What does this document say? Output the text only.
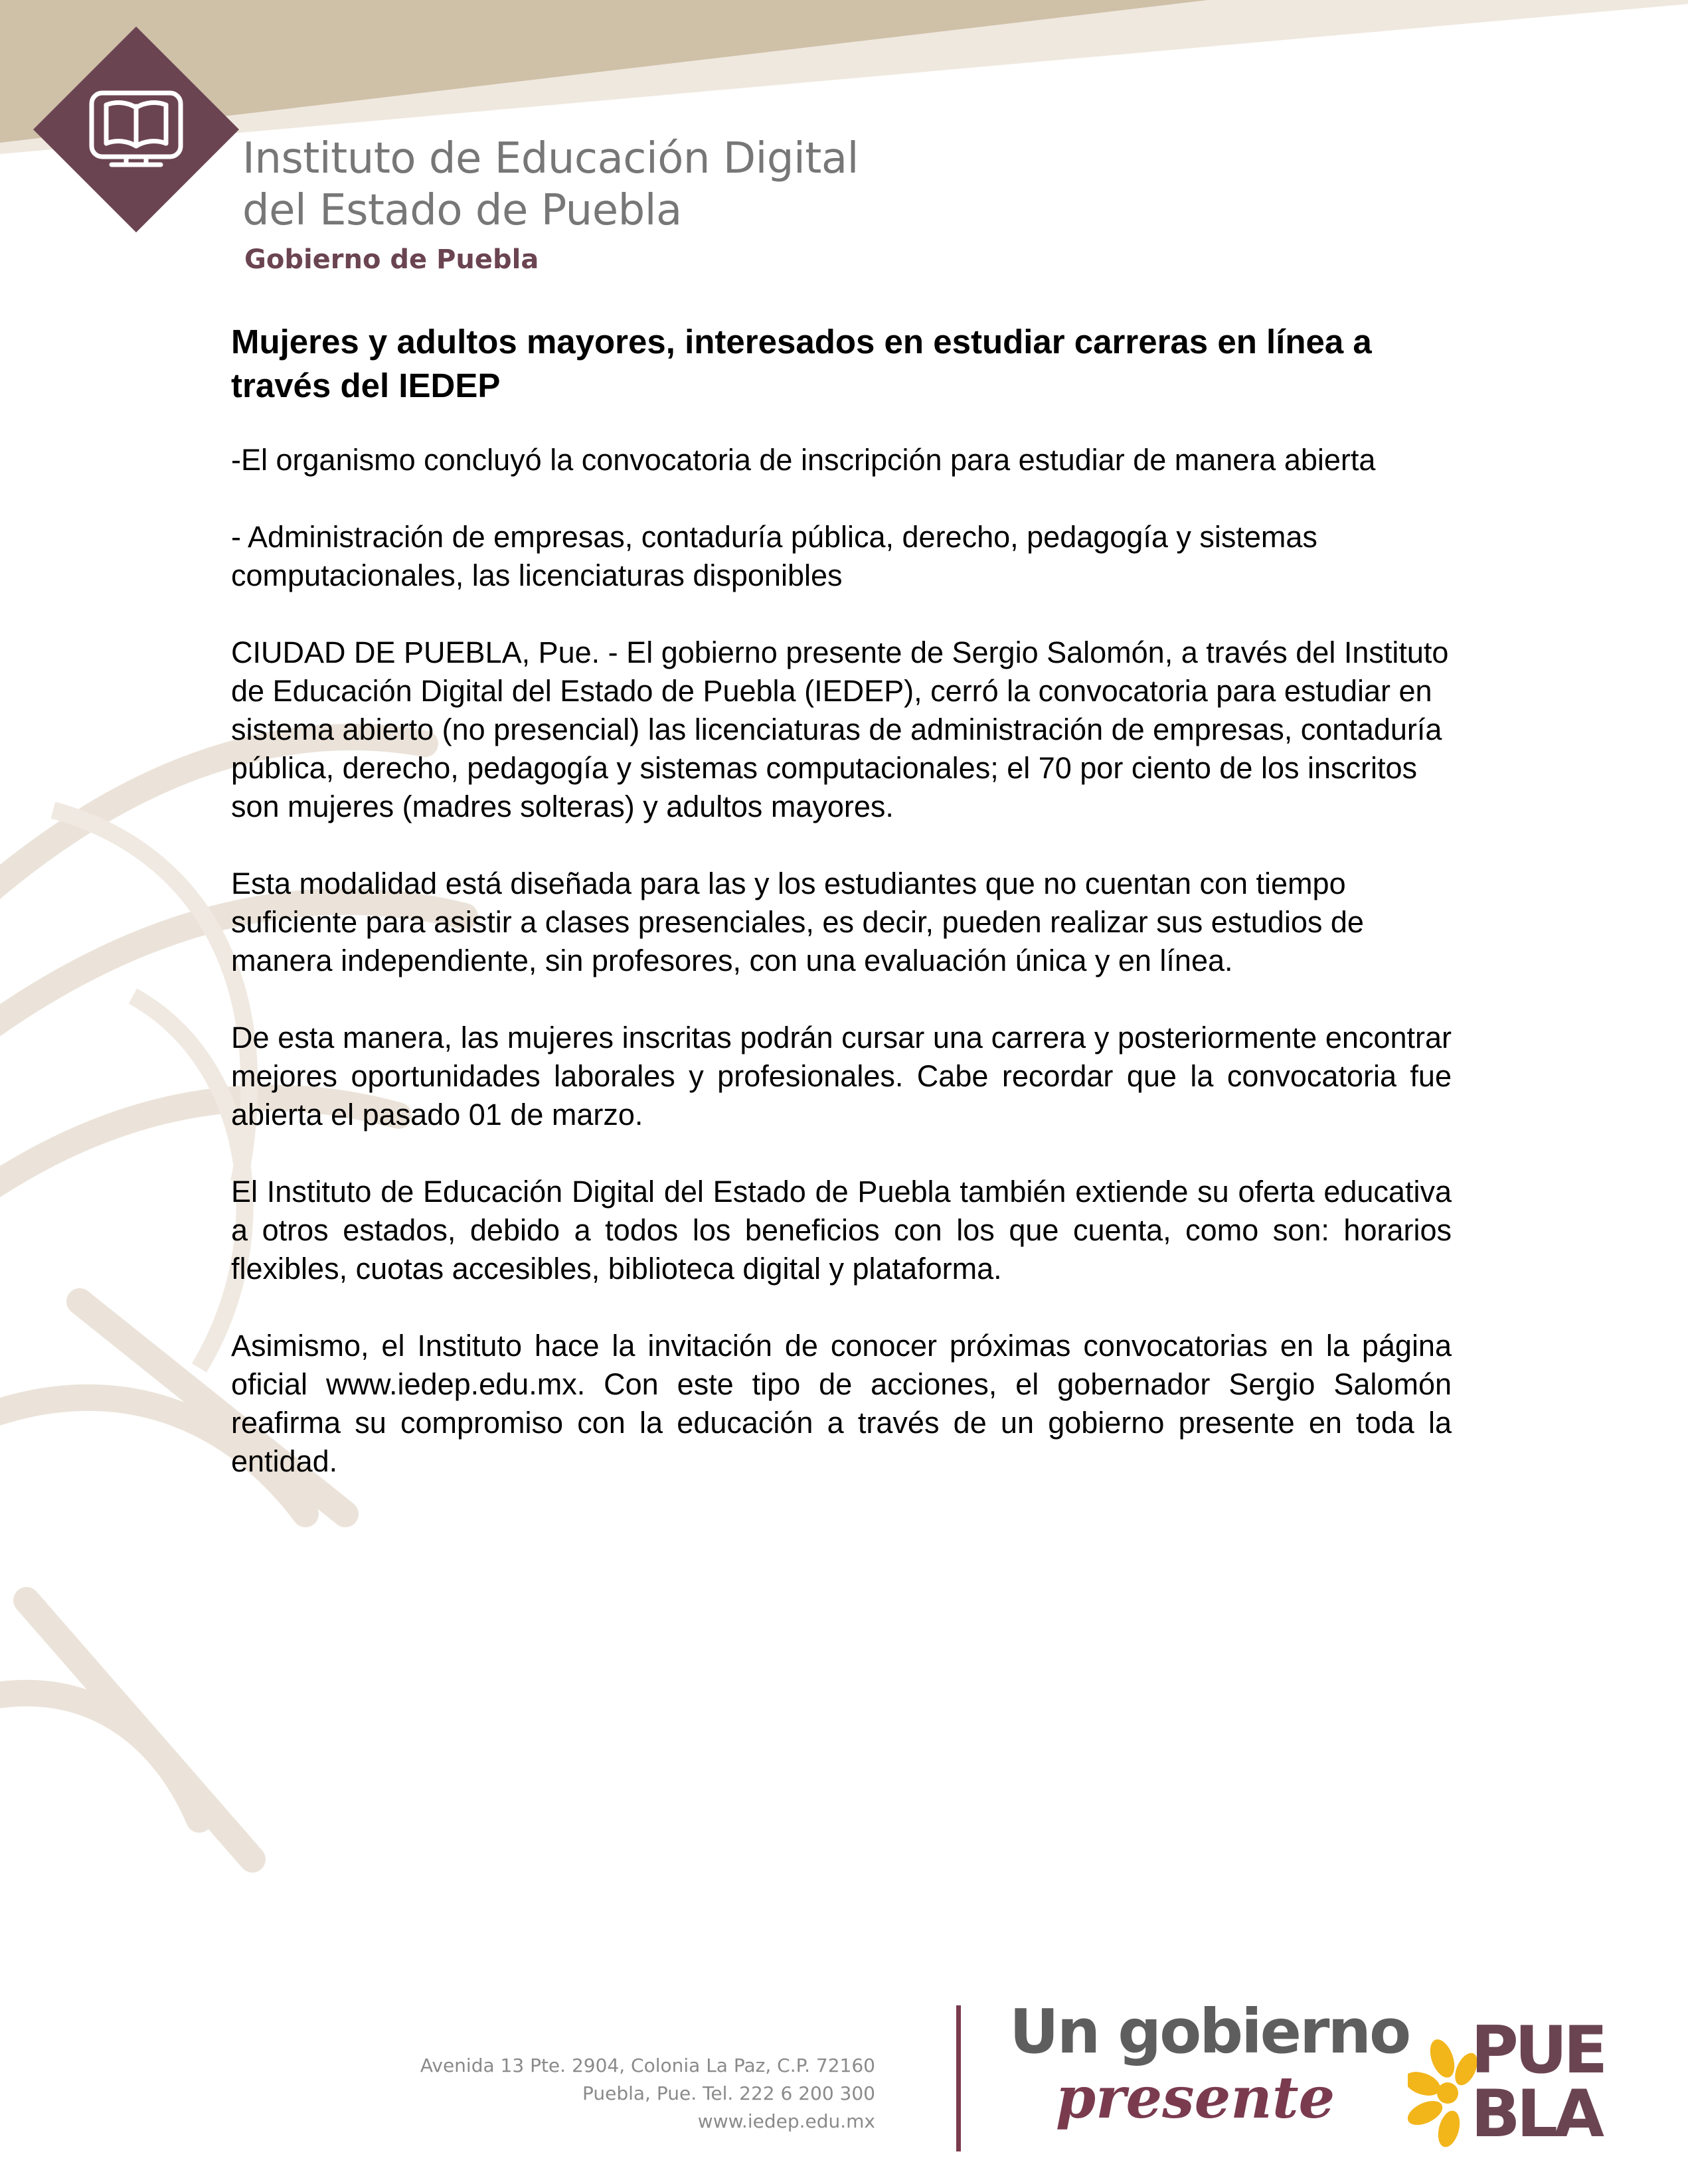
Instituto de Educación Digital
del Estado de Puebla
Gobierno de Puebla
Mujeres y adultos mayores, interesados en estudiar carreras en línea a través del IEDEP
-El organismo concluyó la convocatoria de inscripción para estudiar de manera abierta
- Administración de empresas, contaduría pública, derecho, pedagogía y sistemas computacionales, las licenciaturas disponibles
CIUDAD DE PUEBLA, Pue. - El gobierno presente de Sergio Salomón, a través del Instituto de Educación Digital del Estado de Puebla (IEDEP), cerró la convocatoria para estudiar en sistema abierto (no presencial) las licenciaturas de administración de empresas, contaduría pública, derecho, pedagogía y sistemas computacionales; el 70 por ciento de los inscritos son mujeres (madres solteras) y adultos mayores.
Esta modalidad está diseñada para las y los estudiantes que no cuentan con tiempo suficiente para asistir a clases presenciales, es decir, pueden realizar sus estudios de manera independiente, sin profesores, con una evaluación única y en línea.
De esta manera, las mujeres inscritas podrán cursar una carrera y posteriormente encontrar mejores oportunidades laborales y profesionales. Cabe recordar que la convocatoria fue abierta el pasado 01 de marzo.
El Instituto de Educación Digital del Estado de Puebla también extiende su oferta educativa a otros estados, debido a todos los beneficios con los que cuenta, como son: horarios flexibles, cuotas accesibles, biblioteca digital y plataforma.
Asimismo, el Instituto hace la invitación de conocer próximas convocatorias en la página oficial www.iedep.edu.mx. Con este tipo de acciones, el gobernador Sergio Salomón reafirma su compromiso con la educación a través de un gobierno presente en toda la entidad.
Avenida 13 Pte. 2904, Colonia La Paz, C.P. 72160
Puebla, Pue. Tel. 222 6 200 300
www.iedep.edu.mx
Un gobierno
presente
PUE
BLA
